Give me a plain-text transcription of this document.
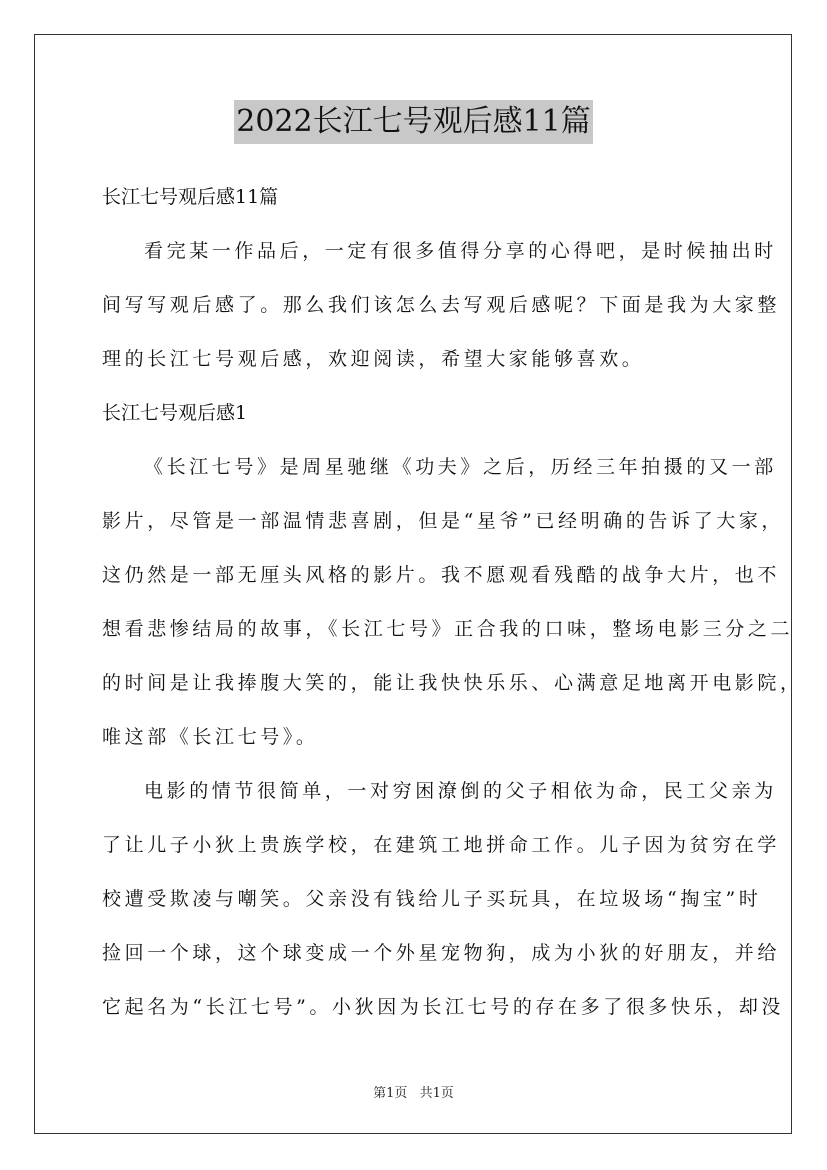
2022长江七号观后感11篇
长江七号观后感11篇
看完某一作品后，一定有很多值得分享的心得吧，是时候抽出时
间写写观后感了。那么我们该怎么去写观后感呢？下面是我为大家整
理的长江七号观后感，欢迎阅读，希望大家能够喜欢。
长江七号观后感1
《长江七号》是周星驰继《功夫》之后，历经三年拍摄的又一部
影片，尽管是一部温情悲喜剧，但是“星爷”已经明确的告诉了大家，
这仍然是一部无厘头风格的影片。我不愿观看残酷的战争大片，也不
想看悲惨结局的故事，《长江七号》正合我的口味，整场电影三分之二
的时间是让我捧腹大笑的，能让我快快乐乐、心满意足地离开电影院，
唯这部《长江七号》。
电影的情节很简单，一对穷困潦倒的父子相依为命，民工父亲为
了让儿子小狄上贵族学校，在建筑工地拼命工作。儿子因为贫穷在学
校遭受欺凌与嘲笑。父亲没有钱给儿子买玩具，在垃圾场“掏宝”时
捡回一个球，这个球变成一个外星宠物狗，成为小狄的好朋友，并给
它起名为“长江七号”。小狄因为长江七号的存在多了很多快乐，却没
第1页 共1页
